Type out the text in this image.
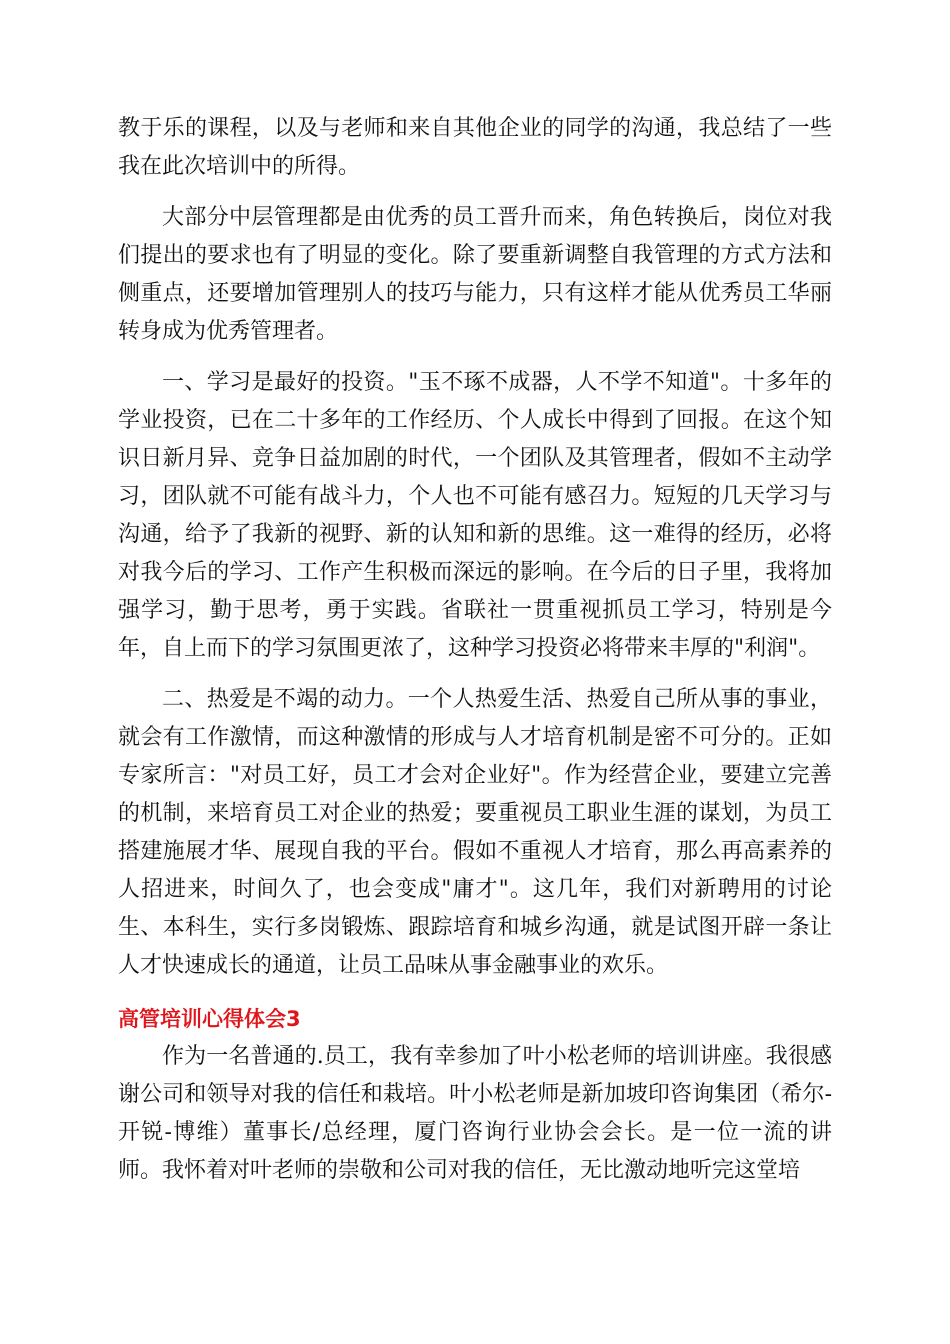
教于乐的课程，以及与老师和来自其他企业的同学的沟通，我总结了一些我在此次培训中的所得。

大部分中层管理都是由优秀的员工晋升而来，角色转换后，岗位对我们提出的要求也有了明显的变化。除了要重新调整自我管理的方式方法和侧重点，还要增加管理别人的技巧与能力，只有这样才能从优秀员工华丽转身成为优秀管理者。

一、学习是最好的投资。"玉不琢不成器，人不学不知道"。十多年的学业投资，已在二十多年的工作经历、个人成长中得到了回报。在这个知识日新月异、竞争日益加剧的时代，一个团队及其管理者，假如不主动学习，团队就不可能有战斗力，个人也不可能有感召力。短短的几天学习与沟通，给予了我新的视野、新的认知和新的思维。这一难得的经历，必将对我今后的学习、工作产生积极而深远的影响。在今后的日子里，我将加强学习，勤于思考，勇于实践。省联社一贯重视抓员工学习，特别是今年，自上而下的学习氛围更浓了，这种学习投资必将带来丰厚的"利润"。

二、热爱是不竭的动力。一个人热爱生活、热爱自己所从事的事业，就会有工作激情，而这种激情的形成与人才培育机制是密不可分的。正如专家所言："对员工好，员工才会对企业好"。作为经营企业，要建立完善的机制，来培育员工对企业的热爱；要重视员工职业生涯的谋划，为员工搭建施展才华、展现自我的平台。假如不重视人才培育，那么再高素养的人招进来，时间久了，也会变成"庸才"。这几年，我们对新聘用的讨论生、本科生，实行多岗锻炼、跟踪培育和城乡沟通，就是试图开辟一条让人才快速成长的通道，让员工品味从事金融事业的欢乐。

高管培训心得体会3

作为一名普通的.员工，我有幸参加了叶小松老师的培训讲座。我很感谢公司和领导对我的信任和栽培。叶小松老师是新加坡印咨询集团（希尔-开锐-博维）董事长/总经理，厦门咨询行业协会会长。是一位一流的讲师。我怀着对叶老师的崇敬和公司对我的信任，无比激动地听完这堂培
